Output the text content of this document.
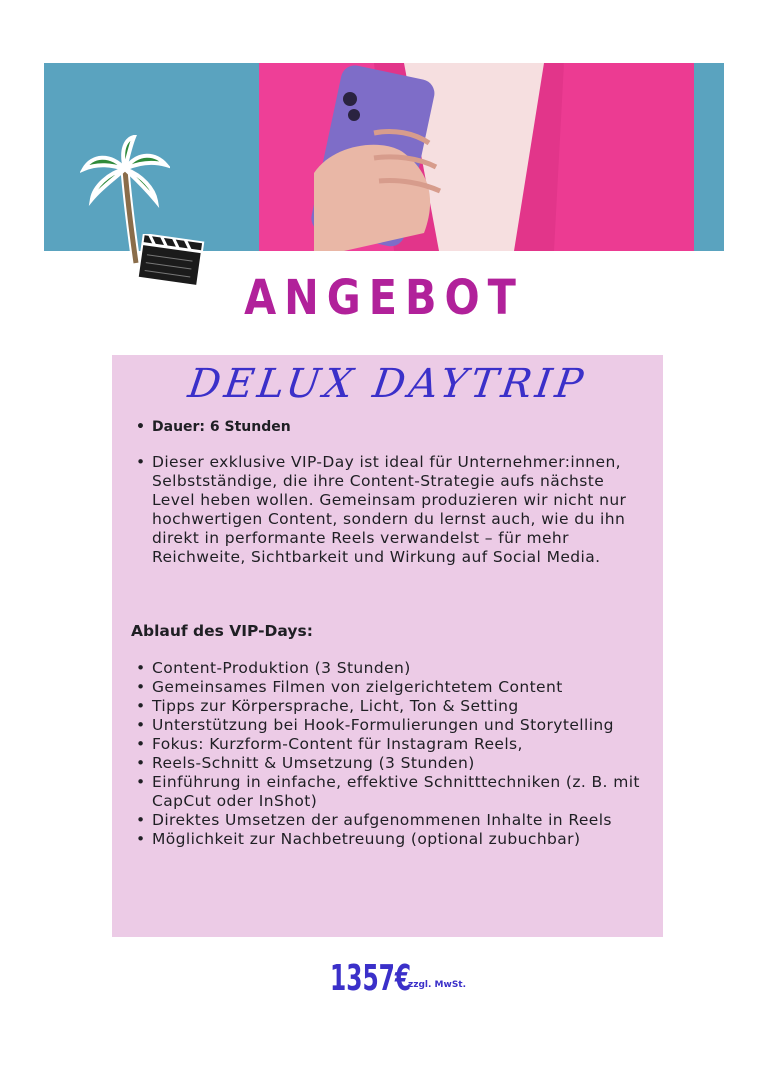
ANGEBOT
DELUX DAYTRIP
• Dauer: 6 Stunden
• Dieser exklusive VIP-Day ist ideal für Unternehmer:innen, Selbstständige, die ihre Content-Strategie aufs nächste Level heben wollen. Gemeinsam produzieren wir nicht nur hochwertigen Content, sondern du lernst auch, wie du ihn direkt in performante Reels verwandelst – für mehr Reichweite, Sichtbarkeit und Wirkung auf Social Media.
Ablauf des VIP-Days:
• Content-Produktion (3 Stunden)
• Gemeinsames Filmen von zielgerichtetem Content
• Tipps zur Körpersprache, Licht, Ton & Setting
• Unterstützung bei Hook-Formulierungen und Storytelling
• Fokus: Kurzform-Content für Instagram Reels,
• Reels-Schnitt & Umsetzung (3 Stunden)
• Einführung in einfache, effektive Schnitttechniken (z. B. mit CapCut oder InShot)
• Direktes Umsetzen der aufgenommenen Inhalte in Reels
• Möglichkeit zur Nachbetreuung (optional zubuchbar)
1357€
zzgl. MwSt.
